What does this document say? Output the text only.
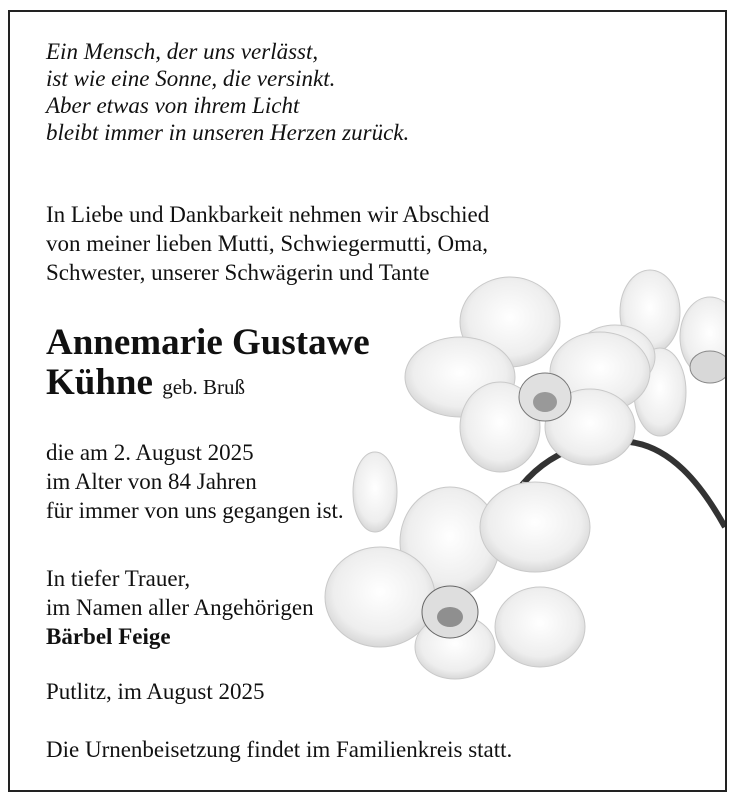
Ein Mensch, der uns verlässt,
ist wie eine Sonne, die versinkt.
Aber etwas von ihrem Licht
bleibt immer in unseren Herzen zurück.
In Liebe und Dankbarkeit nehmen wir Abschied
von meiner lieben Mutti, Schwiegermutti, Oma,
Schwester, unserer Schwägerin und Tante
Annemarie Gustawe
Kühne geb. Bruß
die am 2. August 2025
im Alter von 84 Jahren
für immer von uns gegangen ist.
In tiefer Trauer,
im Namen aller Angehörigen
Bärbel Feige
Putlitz, im August 2025
Die Urnenbeisetzung findet im Familienkreis statt.
